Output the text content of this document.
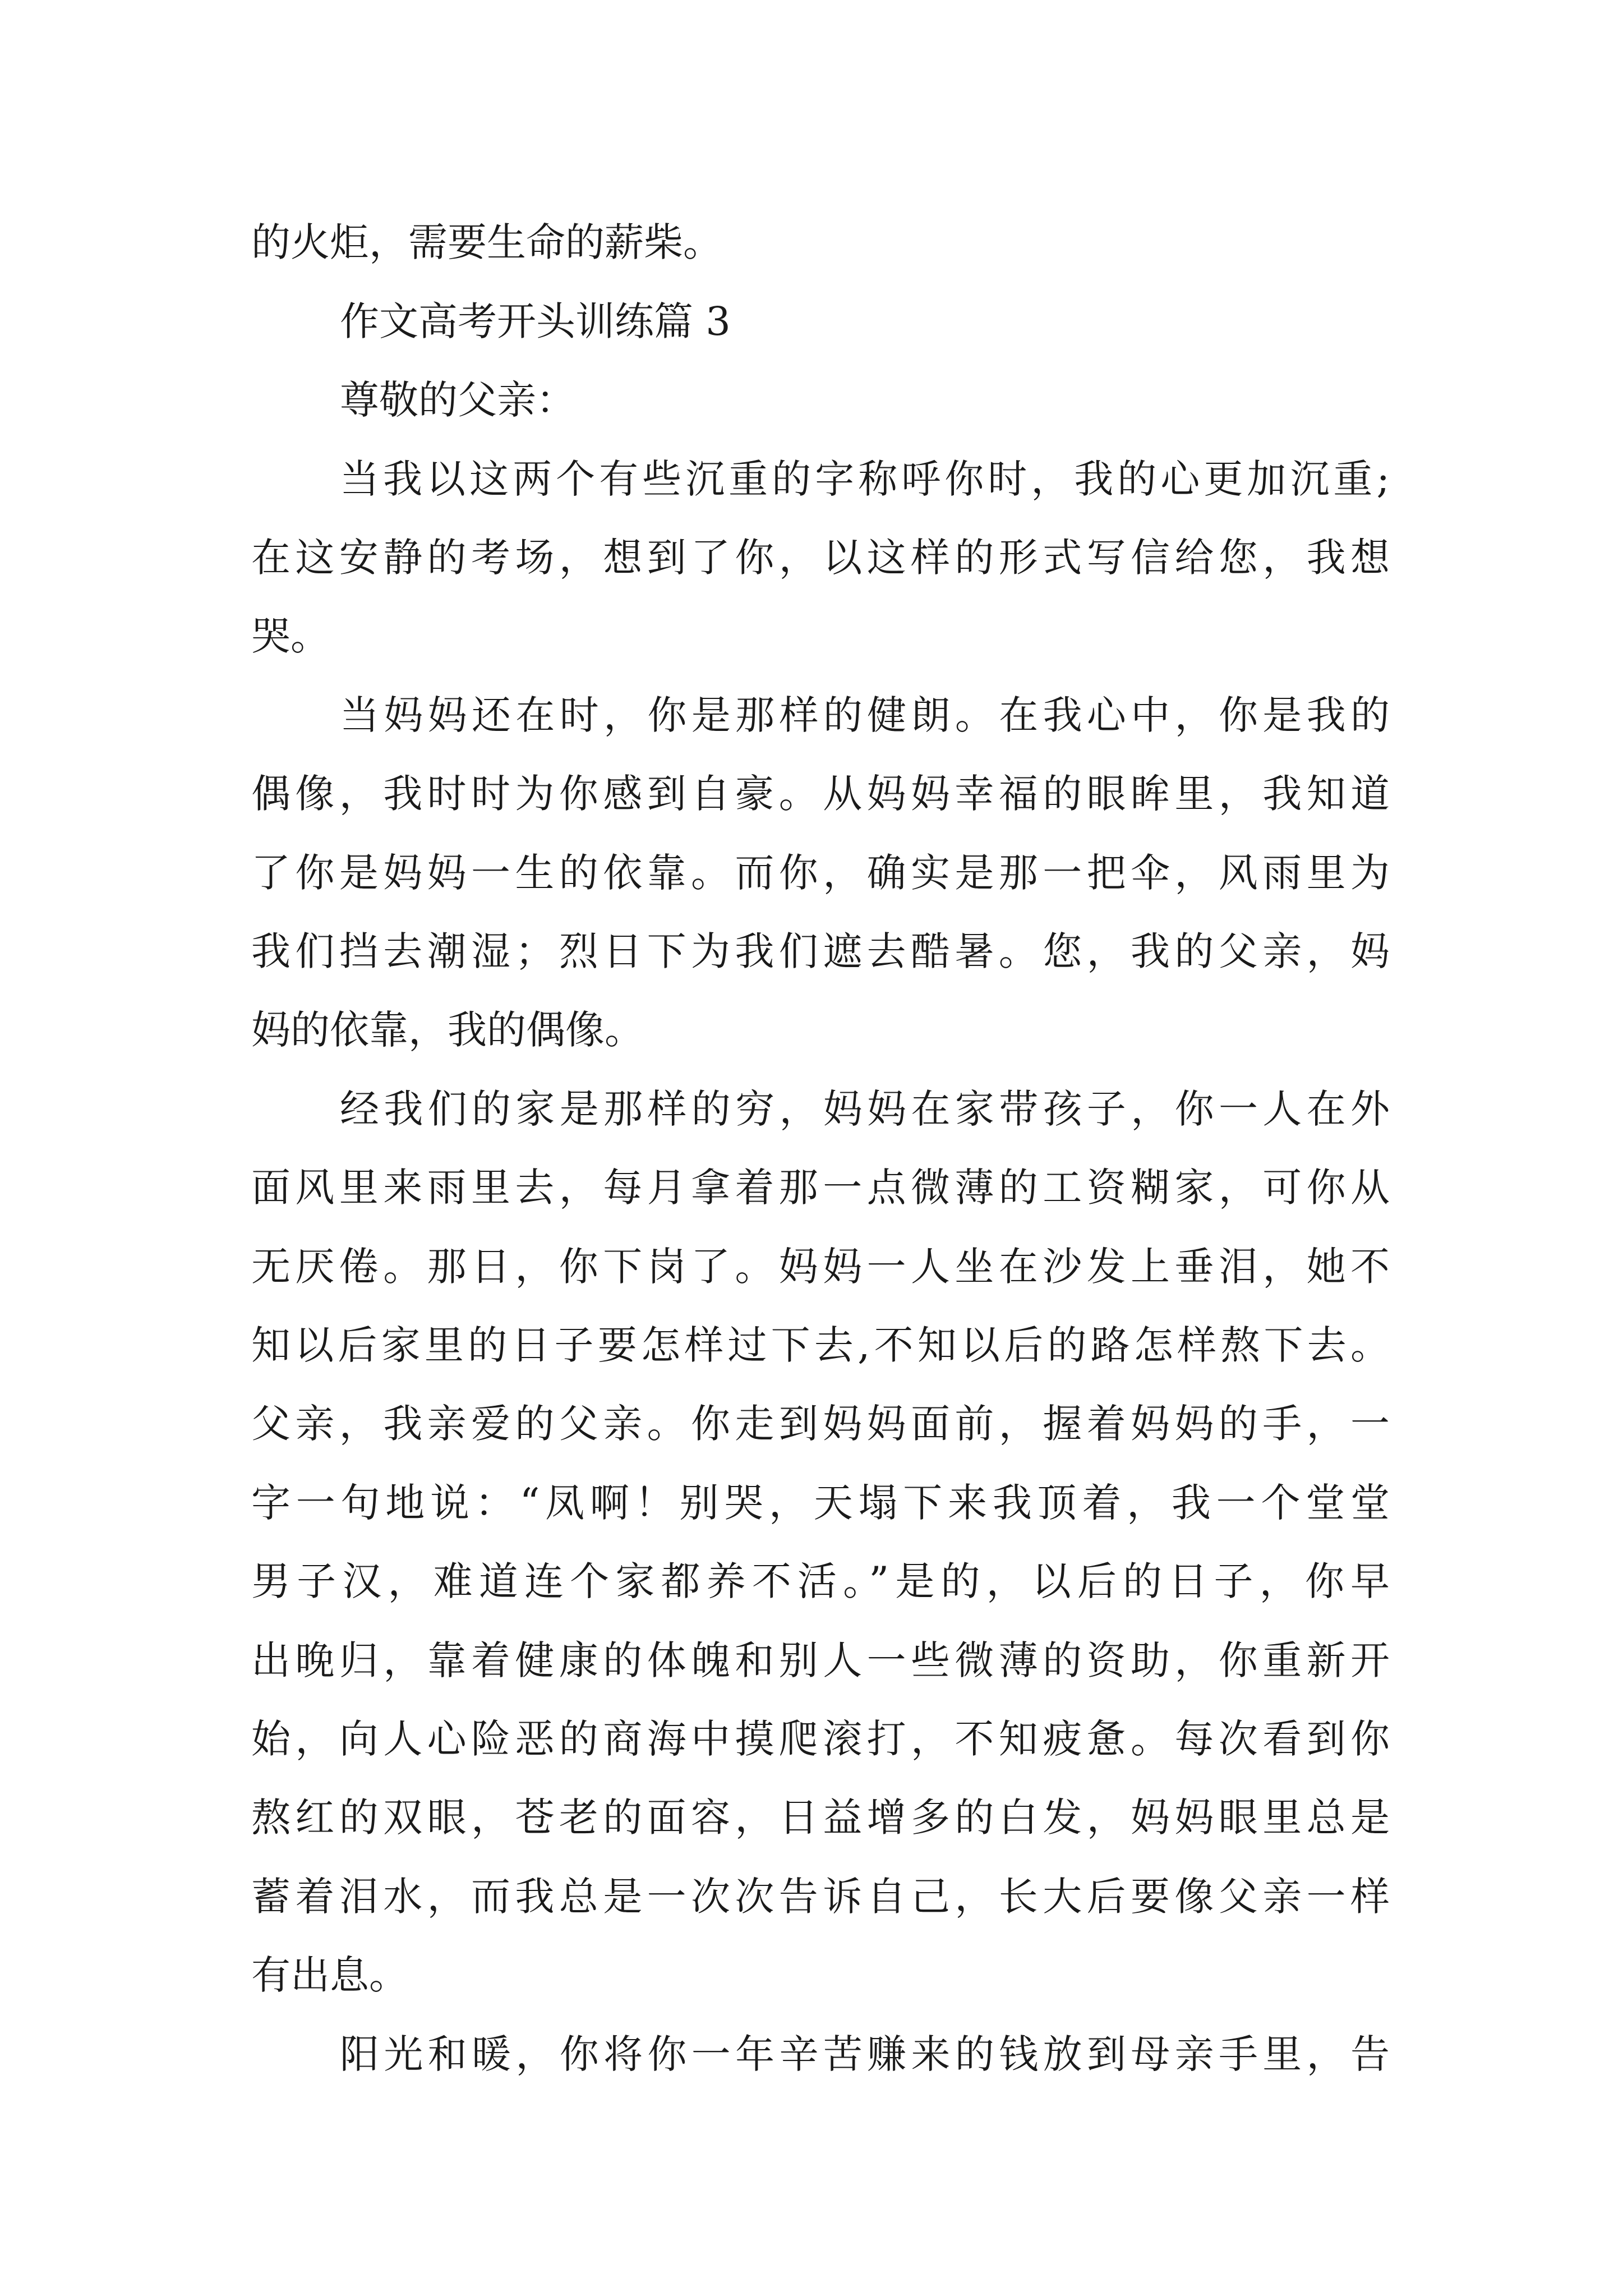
的火炬，需要生命的薪柴。

作文高考开头训练篇 3

尊敬的父亲：

当我以这两个有些沉重的字称呼你时，我的心更加沉重;

在这安静的考场，想到了你，以这样的形式写信给您，我想

哭。

当妈妈还在时，你是那样的健朗。在我心中，你是我的

偶像，我时时为你感到自豪。从妈妈幸福的眼眸里，我知道

了你是妈妈一生的依靠。而你，确实是那一把伞，风雨里为

我们挡去潮湿；烈日下为我们遮去酷暑。您，我的父亲，妈

妈的依靠，我的偶像。

经我们的家是那样的穷，妈妈在家带孩子，你一人在外

面风里来雨里去，每月拿着那一点微薄的工资糊家，可你从

无厌倦。那日，你下岗了。妈妈一人坐在沙发上垂泪，她不

知以后家里的日子要怎样过下去,不知以后的路怎样熬下去。

父亲，我亲爱的父亲。你走到妈妈面前，握着妈妈的手，一

字一句地说：“凤啊！别哭，天塌下来我顶着，我一个堂堂

男子汉，难道连个家都养不活。”是的，以后的日子，你早

出晚归，靠着健康的体魄和别人一些微薄的资助，你重新开

始，向人心险恶的商海中摸爬滚打，不知疲惫。每次看到你

熬红的双眼，苍老的面容，日益增多的白发，妈妈眼里总是

蓄着泪水，而我总是一次次告诉自己，长大后要像父亲一样

有出息。

阳光和暖，你将你一年辛苦赚来的钱放到母亲手里，告
